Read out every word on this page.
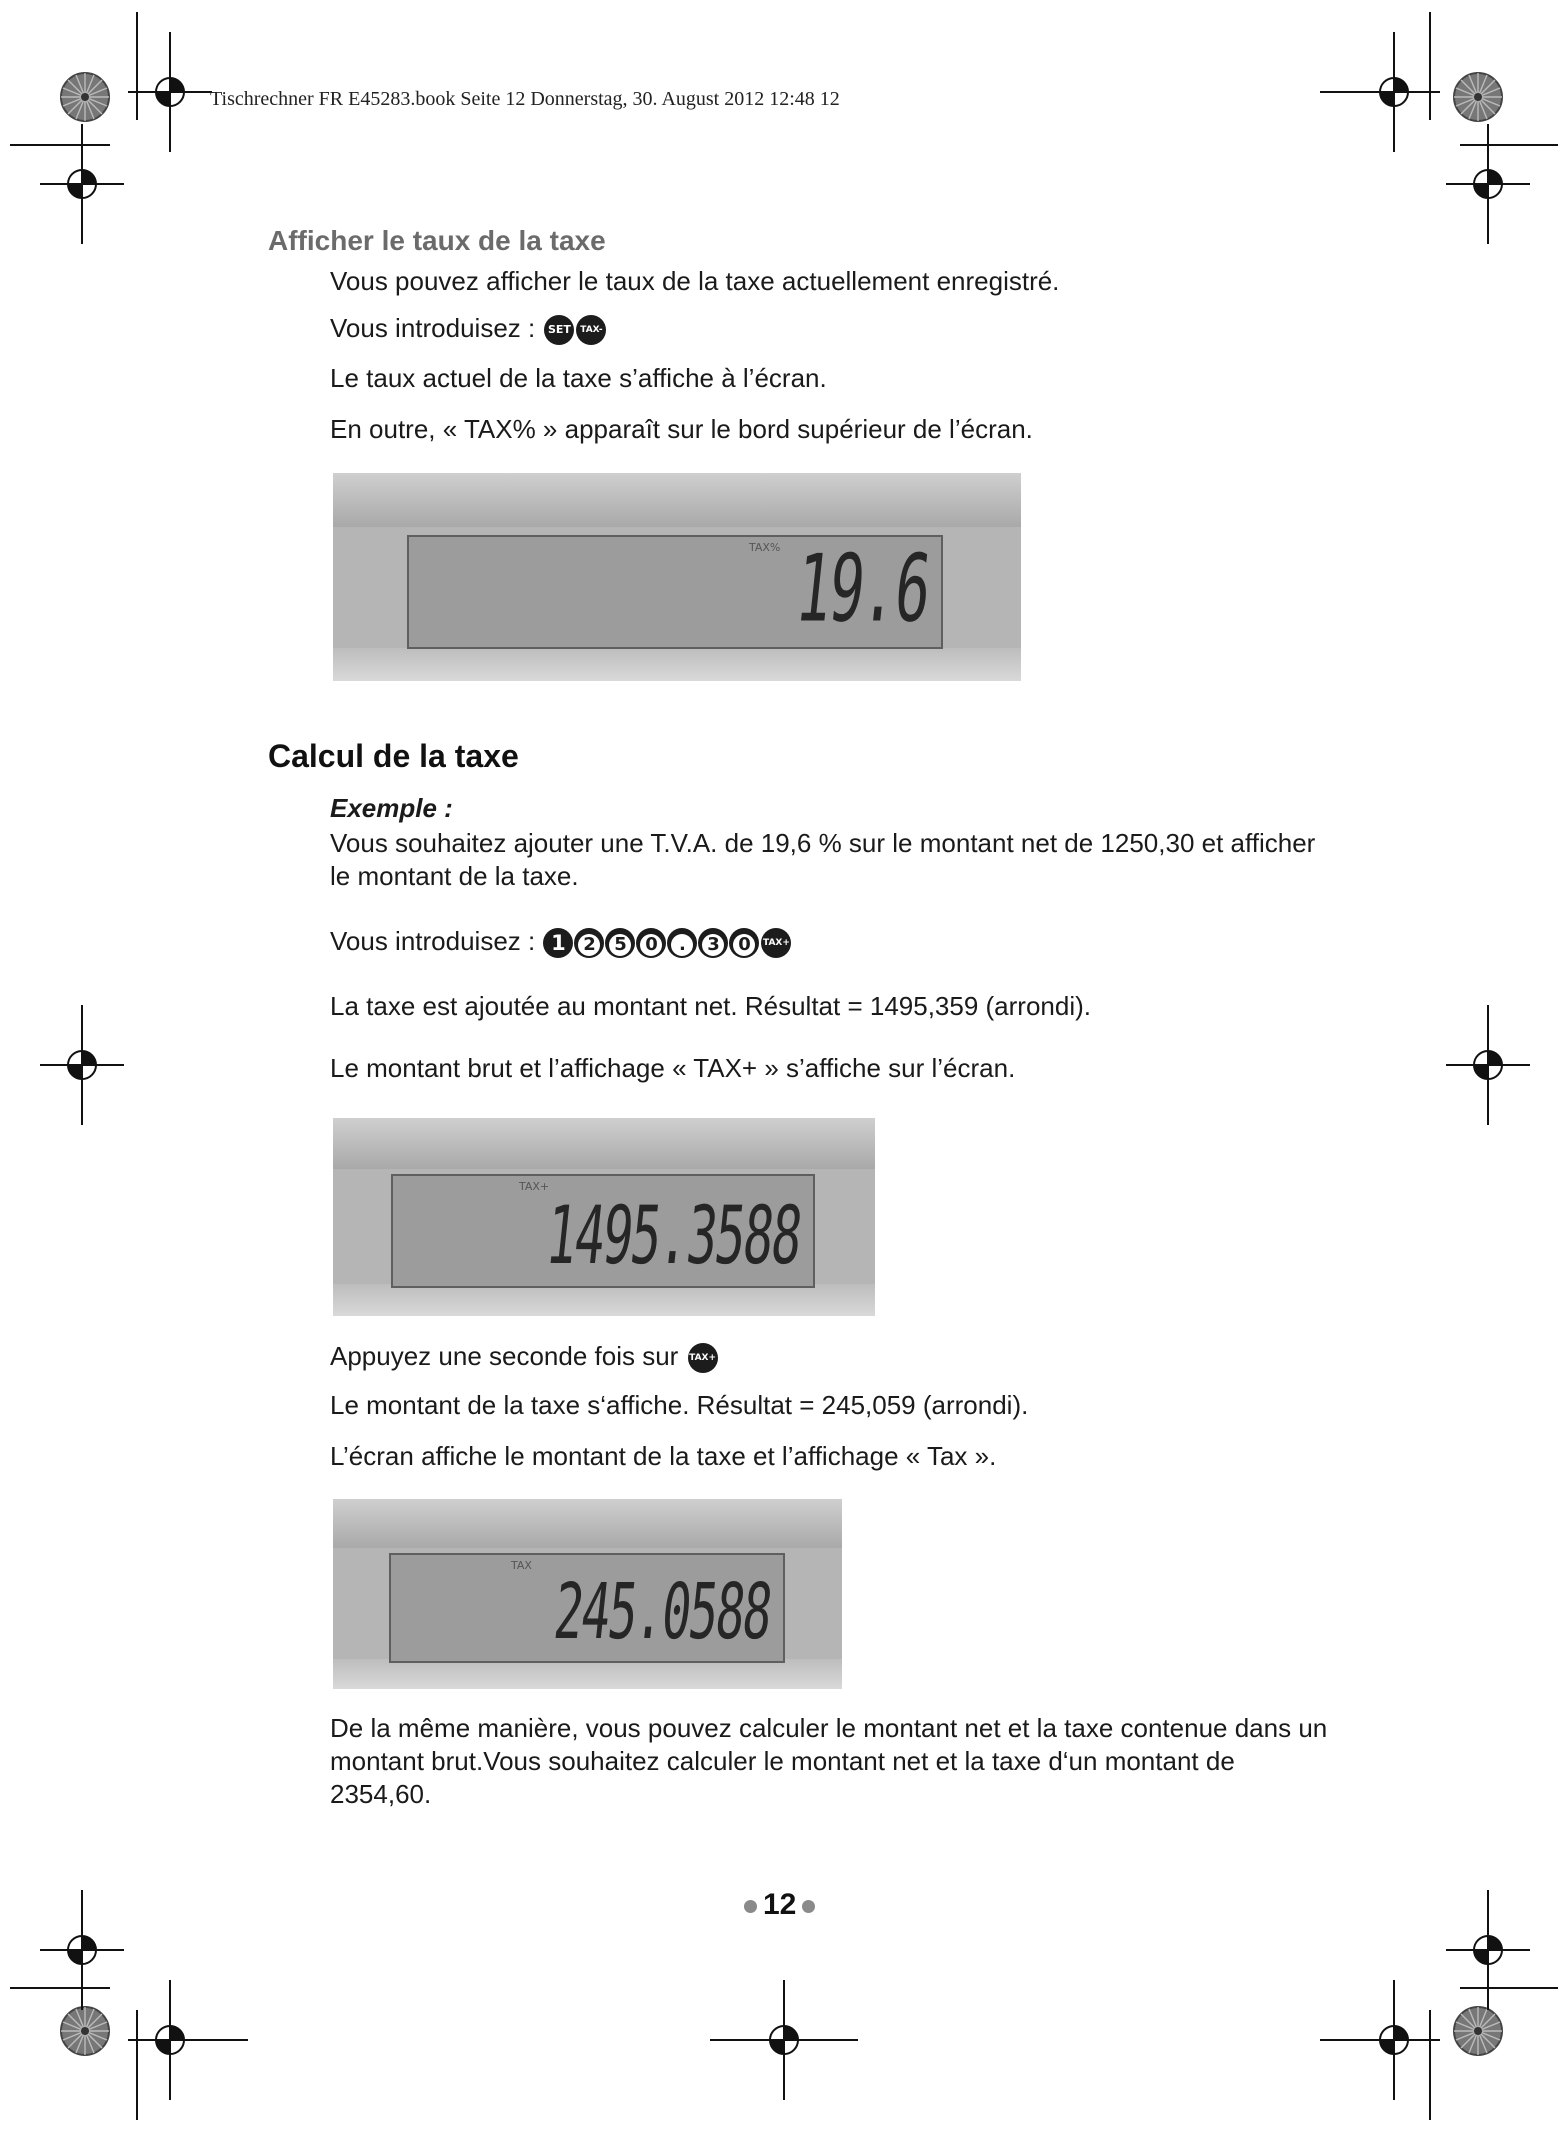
Tischrechner FR E45283.book Seite 12 Donnerstag, 30. August 2012 12:48 12
Afficher le taux de la taxe

Vous pouvez afficher le taux de la taxe actuellement enregistré.

Vous introduisez : SET TAX-

Le taux actuel de la taxe s’affiche à l’écran.

En outre, « TAX% » apparaît sur le bord supérieur de l’écran.

TAX% 19.6
Calcul de la taxe

Exemple :

Vous souhaitez ajouter une T.V.A. de 19,6 % sur le montant net de 1250,30 et afficher le montant de la taxe.

Vous introduisez : 1 2 5 0 . 3 0 TAX+

La taxe est ajoutée au montant net. Résultat = 1495,359 (arrondi).

Le montant brut et l’affichage « TAX+ » s’affiche sur l’écran.

TAX+
1495.3588

Appuyez une seconde fois sur TAX+

Le montant de la taxe s‘affiche. Résultat = 245,059 (arrondi).

L’écran affiche le montant de la taxe et l’affichage « Tax ».

TAX
245.0588

De la même manière, vous pouvez calculer le montant net et la taxe contenue dans un montant brut.Vous souhaitez calculer le montant net et la taxe d‘un montant de 2354,60.

12
